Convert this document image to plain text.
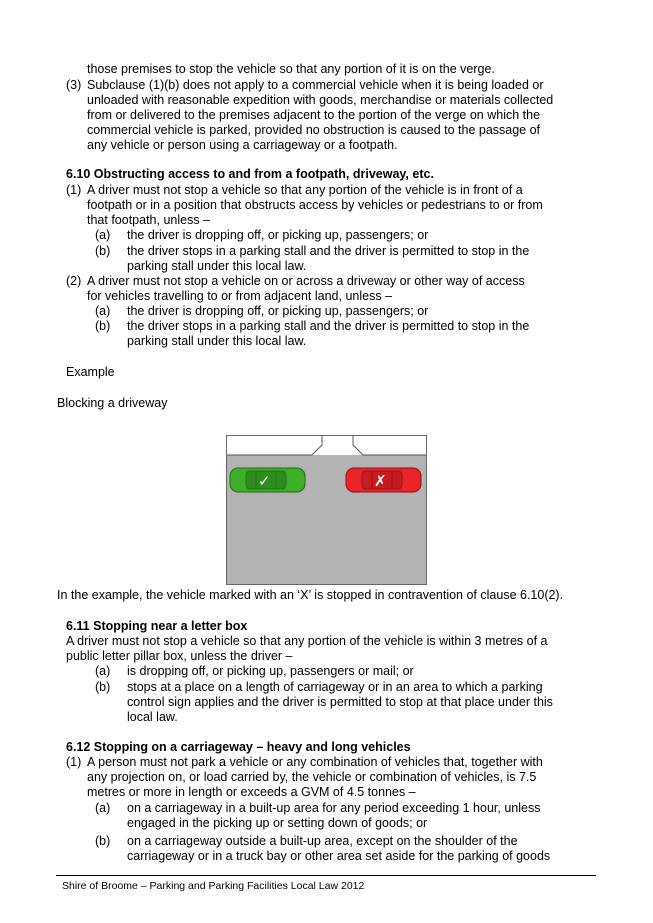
those premises to stop the vehicle so that any portion of it is on the verge.
(3) Subclause (1)(b) does not apply to a commercial vehicle when it is being loaded or
unloaded with reasonable expedition with goods, merchandise or materials collected
from or delivered to the premises adjacent to the portion of the verge on which the
commercial vehicle is parked, provided no obstruction is caused to the passage of
any vehicle or person using a carriageway or a footpath.
6.10 Obstructing access to and from a footpath, driveway, etc.
(1) A driver must not stop a vehicle so that any portion of the vehicle is in front of a
footpath or in a position that obstructs access by vehicles or pedestrians to or from
that footpath, unless –
(a) the driver is dropping off, or picking up, passengers; or
(b) the driver stops in a parking stall and the driver is permitted to stop in the
parking stall under this local law.
(2) A driver must not stop a vehicle on or across a driveway or other way of access
for vehicles travelling to or from adjacent land, unless –
(a) the driver is dropping off, or picking up, passengers; or
(b) the driver stops in a parking stall and the driver is permitted to stop in the
parking stall under this local law.
Example
Blocking a driveway
✓	✗
In the example, the vehicle marked with an ‘X’ is stopped in contravention of clause 6.10(2).
6.11 Stopping near a letter box
A driver must not stop a vehicle so that any portion of the vehicle is within 3 metres of a
public letter pillar box, unless the driver –
(a) is dropping off, or picking up, passengers or mail; or
(b) stops at a place on a length of carriageway or in an area to which a parking
control sign applies and the driver is permitted to stop at that place under this
local law.
6.12 Stopping on a carriageway – heavy and long vehicles
(1) A person must not park a vehicle or any combination of vehicles that, together with
any projection on, or load carried by, the vehicle or combination of vehicles, is 7.5
metres or more in length or exceeds a GVM of 4.5 tonnes –
(a) on a carriageway in a built-up area for any period exceeding 1 hour, unless
engaged in the picking up or setting down of goods; or
(b) on a carriageway outside a built-up area, except on the shoulder of the
carriageway or in a truck bay or other area set aside for the parking of goods
Shire of Broome – Parking and Parking Facilities Local Law 2012
